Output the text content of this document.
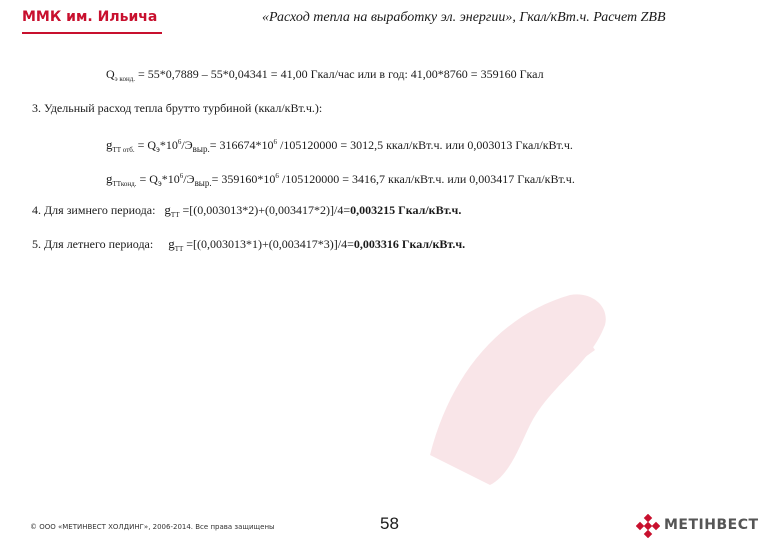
ММК им. Ильича	«Расход тепла на выработку эл. энергии», Гкал/кВт.ч. Расчет ZBB
$Q_{э конд.} = 55*0,7889 - 55*0,04341 = 41,00$ Гкал/час или в год: 41,00*8760 = 359160 Гкал
3. Удельный расход тепла брутто турбиной (ккал/кВт.ч.):
$g_{ТТ отб.} = Q_э*10^6/Э_{выр.}= 316674*10^6$ /105120000 = 3012,5 ккал/кВт.ч. или 0,003013 Гкал/кВт.ч.
$g_{ТТконд.} = Q_э*10^6/Э_{выр.}= 359160*10^6$ /105120000 = 3416,7 ккал/кВт.ч. или 0,003417 Гкал/кВт.ч.
4. Для зимнего периода: $g_{ТТ} =[(0,003013*2)+(0,003417*2)]/4=0,003215$ Гкал/кВт.ч.
5. Для летнего периода: $g_{ТТ} =[(0,003013*1)+(0,003417*3)]/4=0,003316$ Гкал/кВт.ч.
© ООО «МЕТИНВЕСТ ХОЛДИНГ», 2006-2014. Все права защищены	58	МЕТІНВЕСТ
